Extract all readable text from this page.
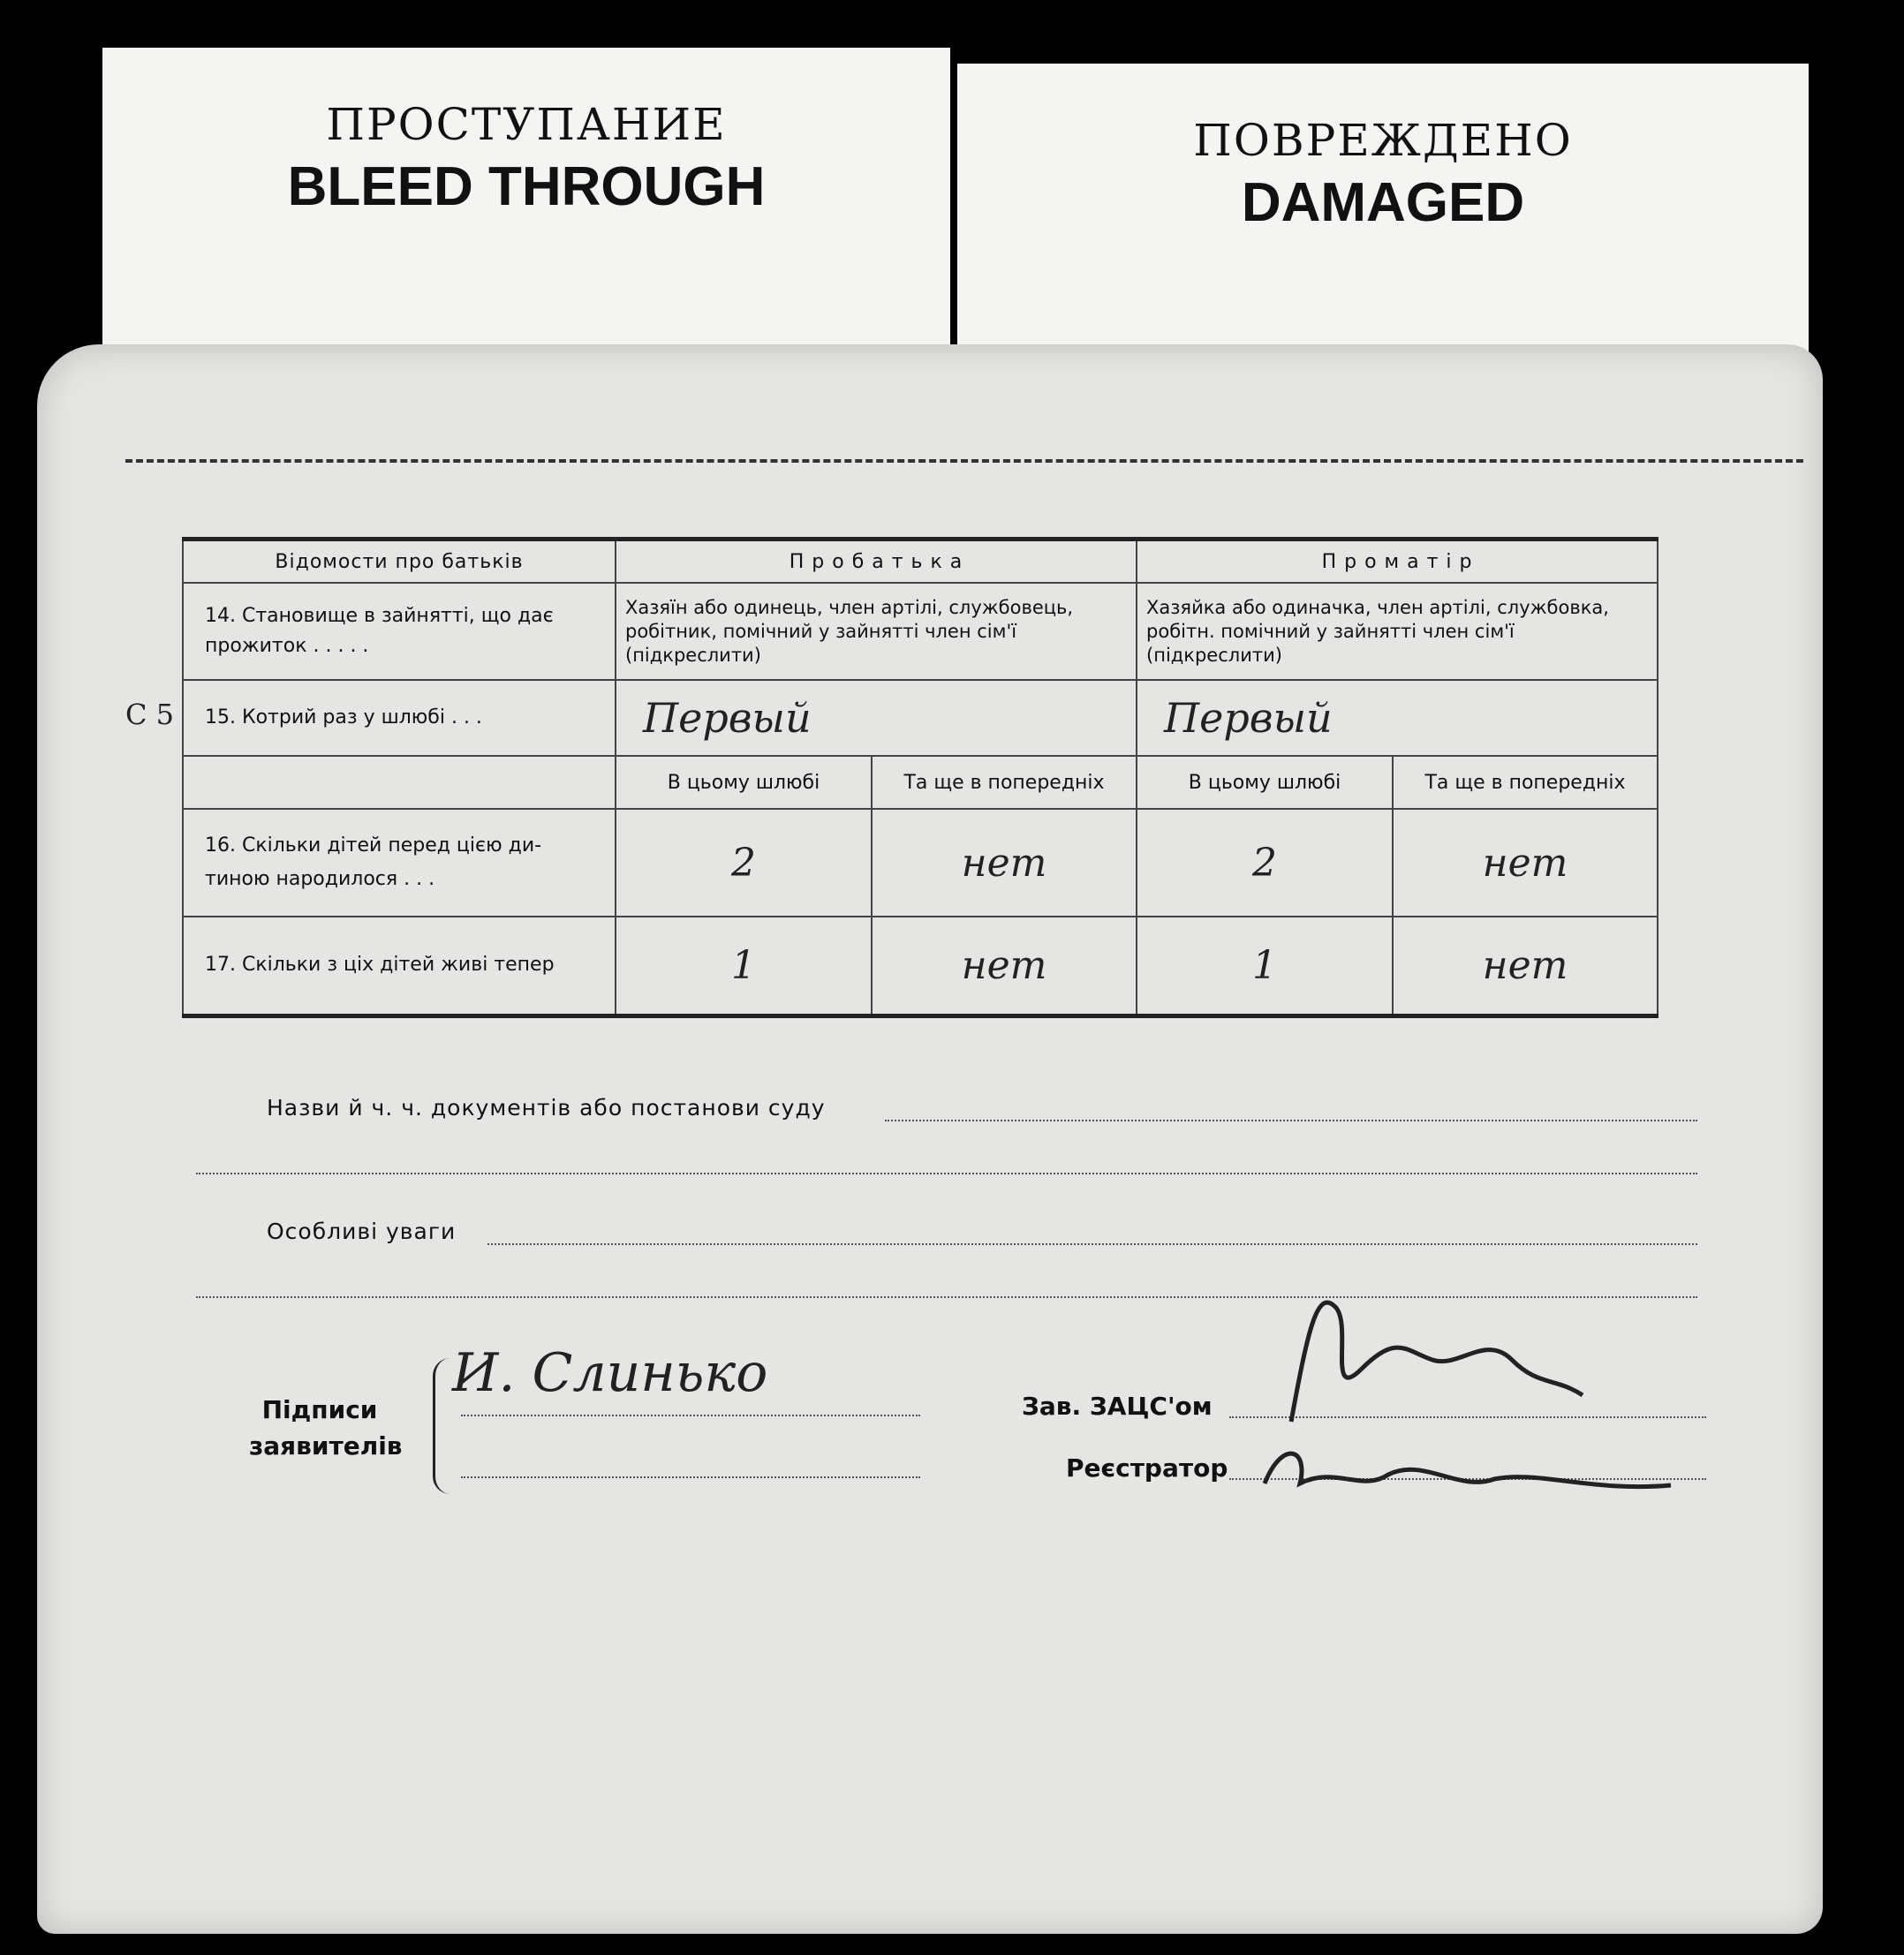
ПРОСТУПАНИЕ
BLEED THROUGH
ПОВРЕЖДЕНО
DAMAGED
С 5
Відомости про батьків	П р о б а т ь к а		П р о м а т і р	

14. Становище в зайнятті, що дає
прожиток . . . . .	Хазяїн або одинець, член артілі, службовець, робітник, помічний у зайнятті член сім'ї (підкреслити)		Хазяйка або одиначка, член артілі, службовка, робітн. помічний у зайнятті член сім'ї (підкреслити)	
15. Котрий раз у шлюбі . . .	Первый		Первый	
	В цьому шлюбі	Та ще в попередніх	В цьому шлюбі	Та ще в попередніх

16. Скільки дітей перед цією ди-
тиною народилося . . .	2	нет	2	нет
17. Скільки з ціх дітей живі тепер	1	нет	1	нет
Назви й ч. ч. документів або постанови суду
Особливі уваги
Підписи
заявителів
И. Слинько
Зав. ЗАЦС'ом
Реєстратор
